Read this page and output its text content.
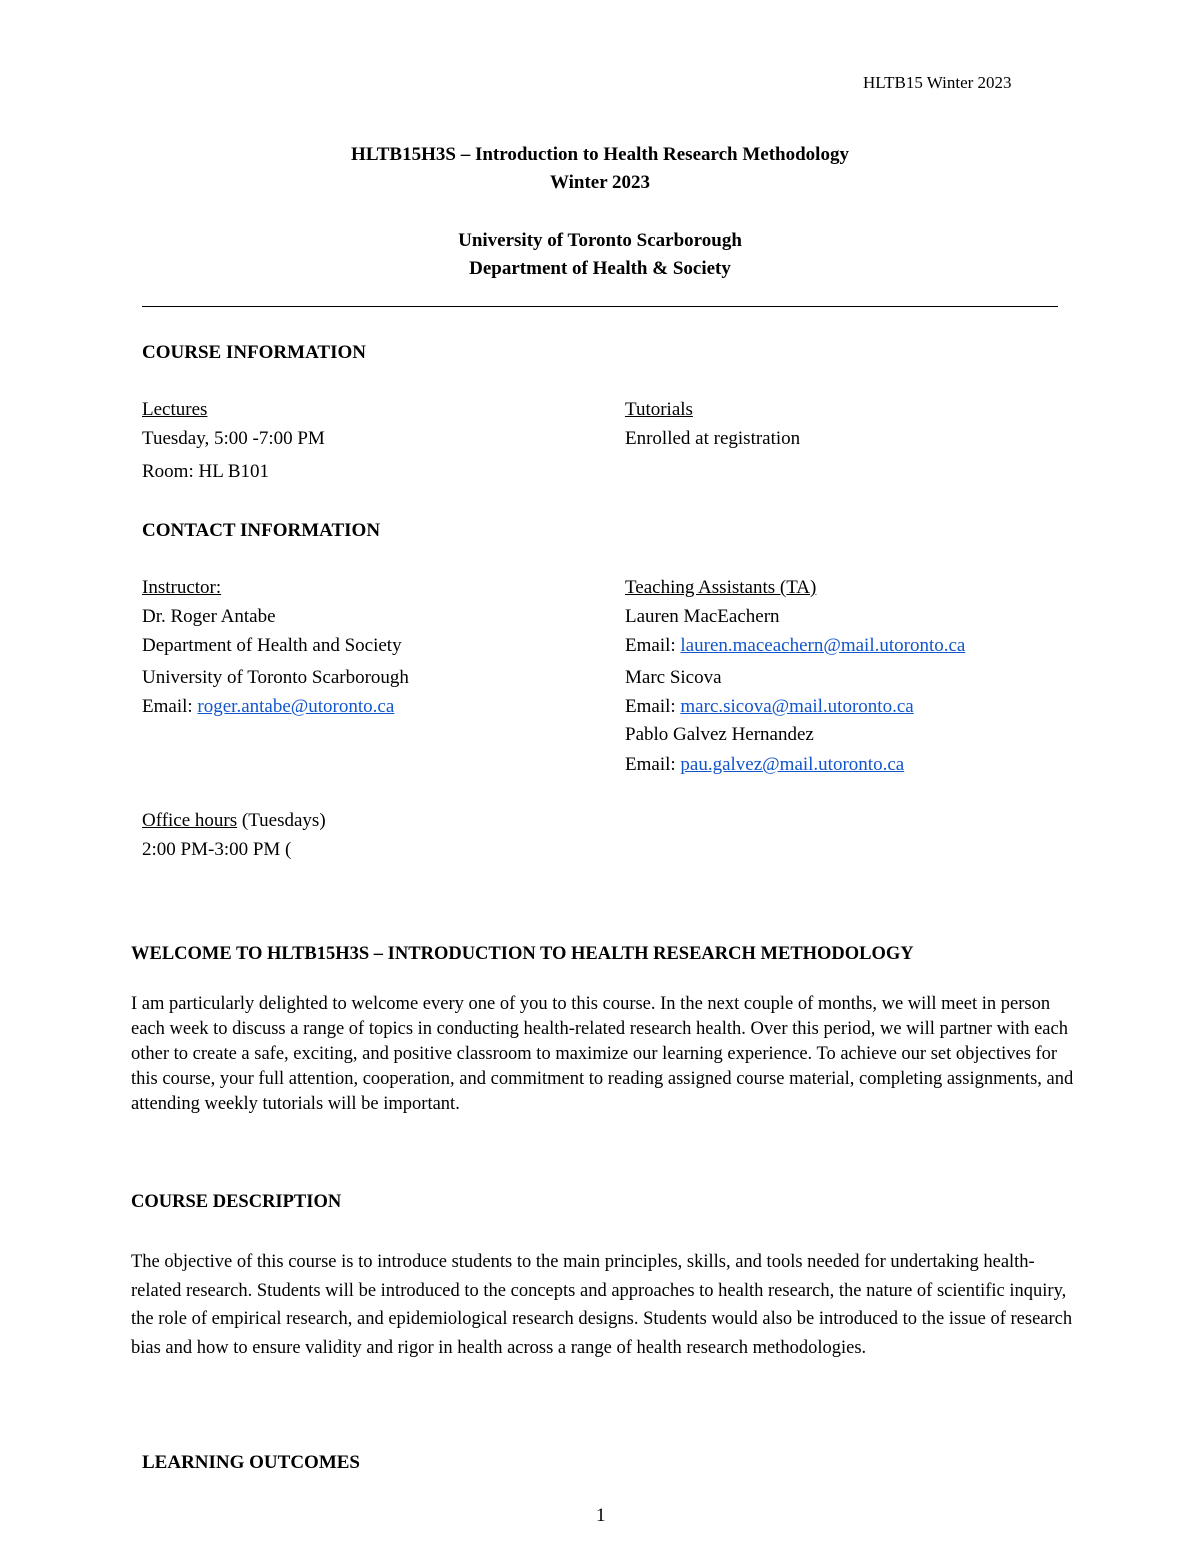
HLTB15 Winter 2023
HLTB15H3S – Introduction to Health Research Methodology
Winter 2023
University of Toronto Scarborough
Department of Health & Society
COURSE INFORMATION
Lectures
Tuesday, 5:00 -7:00 PM
Room: HL B101
Tutorials
Enrolled at registration
CONTACT INFORMATION
Instructor:
Dr. Roger Antabe
Department of Health and Society
University of Toronto Scarborough
Email: roger.antabe@utoronto.ca
Teaching Assistants (TA)
Lauren MacEachern
Email: lauren.maceachern@mail.utoronto.ca
Marc Sicova
Email: marc.sicova@mail.utoronto.ca
Pablo Galvez Hernandez
Email: pau.galvez@mail.utoronto.ca
Office hours (Tuesdays)
2:00 PM-3:00 PM (
WELCOME TO HLTB15H3S – INTRODUCTION TO HEALTH RESEARCH METHODOLOGY

I am particularly delighted to welcome every one of you to this course. In the next couple of months, we will meet in person each week to discuss a range of topics in conducting health-related research health. Over this period, we will partner with each other to create a safe, exciting, and positive classroom to maximize our learning experience. To achieve our set objectives for this course, your full attention, cooperation, and commitment to reading assigned course material, completing assignments, and attending weekly tutorials will be important.

COURSE DESCRIPTION

The objective of this course is to introduce students to the main principles, skills, and tools needed for undertaking health-related research. Students will be introduced to the concepts and approaches to health research, the nature of scientific inquiry, the role of empirical research, and epidemiological research designs. Students would also be introduced to the issue of research bias and how to ensure validity and rigor in health across a range of health research methodologies.

LEARNING OUTCOMES
1
